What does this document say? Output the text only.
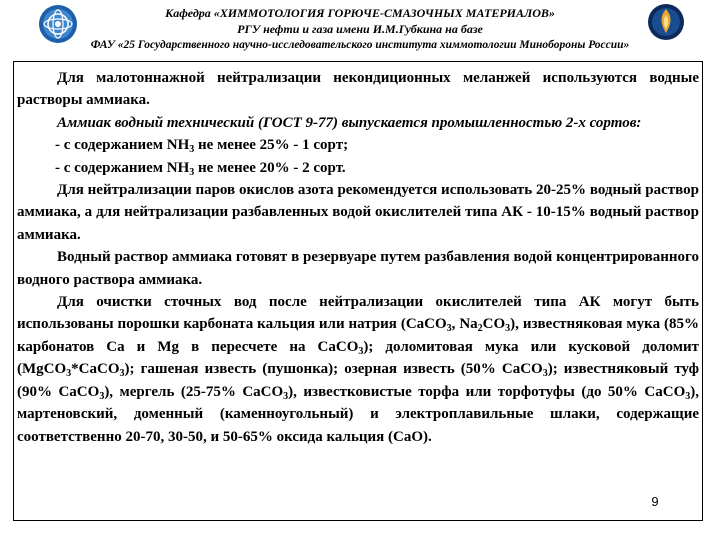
Кафедра «ХИММОТОЛОГИЯ ГОРЮЧЕ-СМАЗОЧНЫХ МАТЕРИАЛОВ»
РГУ нефти и газа имени И.М.Губкина на базе
ФАУ «25 Государственного научно-исследовательского института химмотологии Минобороны России»

Для малотоннажной нейтрализации некондиционных меланжей используются водные растворы аммиака.

Аммиак водный технический (ГОСТ 9-77) выпускается промышленностью 2-х сортов:

- с содержанием $NH_3$ не менее 25% - 1 сорт;

- с содержанием $NH_3$ не менее 20% - 2 сорт.

Для нейтрализации паров окислов азота рекомендуется использовать 20-25% водный раствор аммиака, а для нейтрализации разбавленных водой окислителей типа АК - 10-15% водный раствор аммиака.

Водный раствор аммиака готовят в резервуаре путем разбавления водой концентрированного водного раствора аммиака.

Для очистки сточных вод после нейтрализации окислителей типа АК могут быть использованы порошки карбоната кальция или натрия (CaCO$_3$, $Na_2CO_3$), известняковая мука (85% карбонатов Ca и Mg в пересчете на CaCO$_3$); доломитовая мука или кусковой доломит (MgCO$_3$*CaCO$_3$); гашеная известь (пушонка); озерная известь (50% CaCO$_3$); известняковый туф (90% CaCO$_3$), мергель (25-75% CaCO$_3$), известковистые торфа или торфотуфы (до 50% CaCO$_3$), мартеновский, доменный (каменноугольный) и электроплавильные шлаки, содержащие соответственно 20-70, 30-50, и 50-65% оксида кальция (CaO).

9
